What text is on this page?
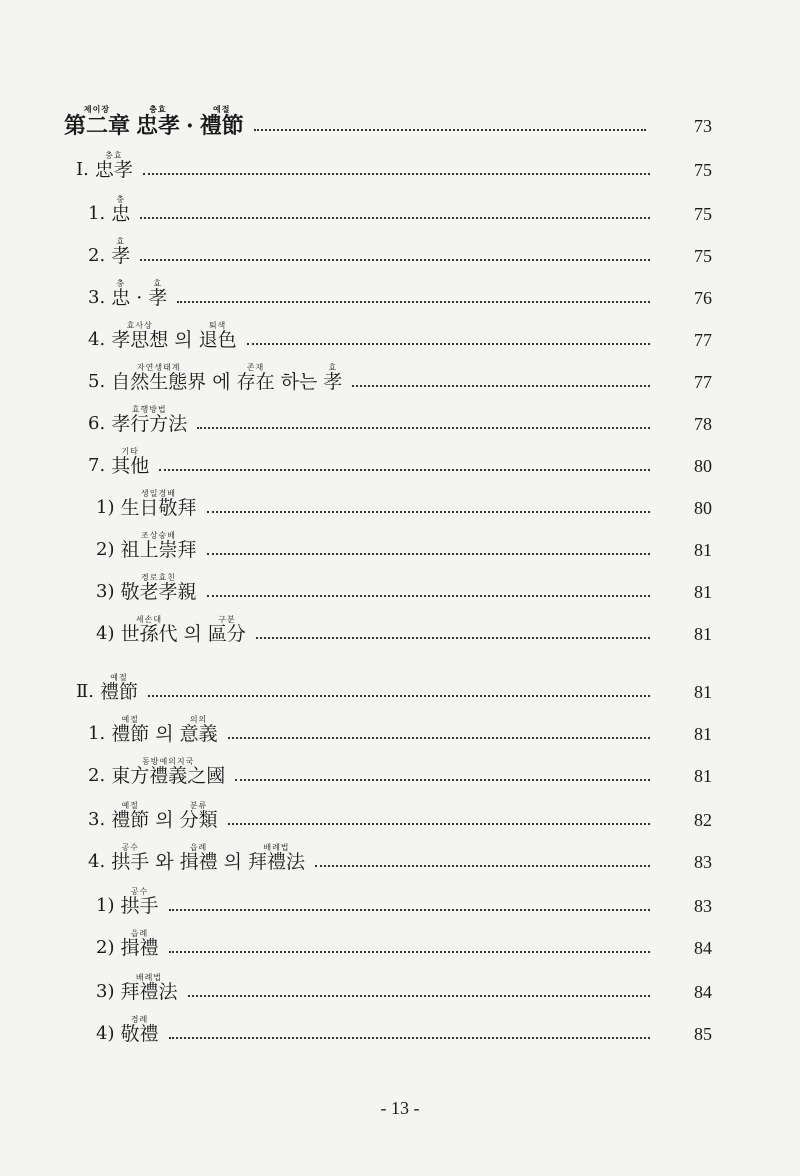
第二章제이장
忠孝충효
· 禮節예절
73
Ⅰ. 忠孝충효
75
1. 忠충
75
2. 孝효
75
3. 忠충
· 孝효
76
4. 孝思想효사상
의 退色퇴색
77
5. 自然生態界자연생태계
에 存在존재
하는 孝효
77
6. 孝行方法효행방법
78
7. 其他기타
80
1) 生日敬拜생일경배
80
2) 祖上崇拜조상숭배
81
3) 敬老孝親경로효친
81
4) 世孫代세손대
의 區分구분
81
Ⅱ. 禮節예절
81
1. 禮節예절
의 意義의의
81
2. 東方禮義之國동방예의지국
81
3. 禮節예절
의 分類분류
82
4. 拱手공수
와 揖禮읍례
의 拜禮法배례법
83
1) 拱手공수
83
2) 揖禮읍례
84
3) 拜禮法배례법
84
4) 敬禮경례
85
- 13 -
